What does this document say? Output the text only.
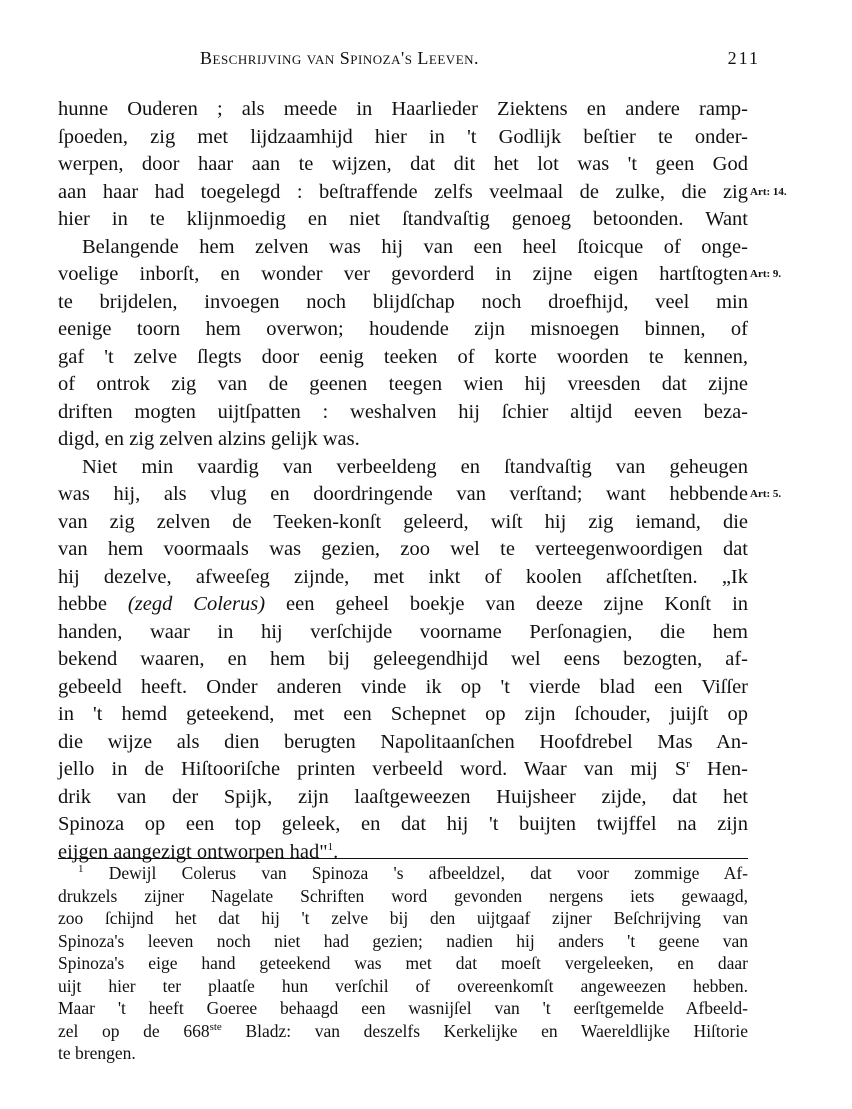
Beschrijving van Spinoza's Leeven.	211
hunne Ouderen ; als meede in Haarlieder Ziektens en andere ramp-
ſpoeden, zig met lijdzaamhijd hier in 't Godlijk beſtier te onder-
werpen, door haar aan te wijzen, dat dit het lot was 't geen God
aan haar had toegelegd : beſtraffende zelfs veelmaal de zulke, die zig Art: 14.
hier in te klijnmoedig en niet ſtandvaſtig genoeg betoonden. Want
Belangende hem zelven was hij van een heel ſtoicque of onge-
voelige inborſt, en wonder ver gevorderd in zijne eigen hartſtogten Art: 9.
te brijdelen, invoegen noch blijdſchap noch droefhijd, veel min
eenige toorn hem overwon; houdende zijn misnoegen binnen, of
gaf 't zelve ſlegts door eenig teeken of korte woorden te kennen,
of ontrok zig van de geenen teegen wien hij vreesden dat zijne
driften mogten uijtſpatten : weshalven hij ſchier altijd eeven beza-
digd, en zig zelven alzins gelijk was.
Niet min vaardig van verbeeldeng en ſtandvaſtig van geheugen
was hij, als vlug en doordringende van verſtand; want hebbende Art: 5.
van zig zelven de Teeken-konſt geleerd, wiſt hij zig iemand, die
van hem voormaals was gezien, zoo wel te verteegenwoordigen dat
hij dezelve, afweeſeg zijnde, met inkt of koolen afſchetſten. „Ik
hebbe (zegd Colerus) een geheel boekje van deeze zijne Konſt in
handen, waar in hij verſchijde voorname Perſonagien, die hem
bekend waaren, en hem bij geleegendhijd wel eens bezogten, af-
gebeeld heeft. Onder anderen vinde ik op 't vierde blad een Viſſer
in 't hemd geteekend, met een Schepnet op zijn ſchouder, juijſt op
die wijze als dien berugten Napolitaanſchen Hoofdrebel Mas An-
jello in de Hiſtooriſche printen verbeeld word. Waar van mij $S^r$ Hen-
drik van der Spijk, zijn laaſtgeweezen Huijsheer zijde, dat het
Spinoza op een top geleek, en dat hij 't buijten twijffel na zijn
eijgen aangezigt ontworpen had"$^1$.
$^1$ Dewijl Colerus van Spinoza 's afbeeldzel, dat voor zommige Af-
drukzels zijner Nagelate Schriften word gevonden nergens iets gewaagd,
zoo ſchijnd het dat hij 't zelve bij den uijtgaaf zijner Beſchrijving van
Spinoza's leeven noch niet had gezien; nadien hij anders 't geene van
Spinoza's eige hand geteekend was met dat moeſt vergeleeken, en daar
uijt hier ter plaatſe hun verſchil of overeenkomſt angeweezen hebben.
Maar 't heeft Goeree behaagd een wasnijſel van 't eerſtgemelde Afbeeld-
zel op de 668ste Bladz: van deszelfs Kerkelijke en Waereldlijke Hiſtorie
te brengen.
